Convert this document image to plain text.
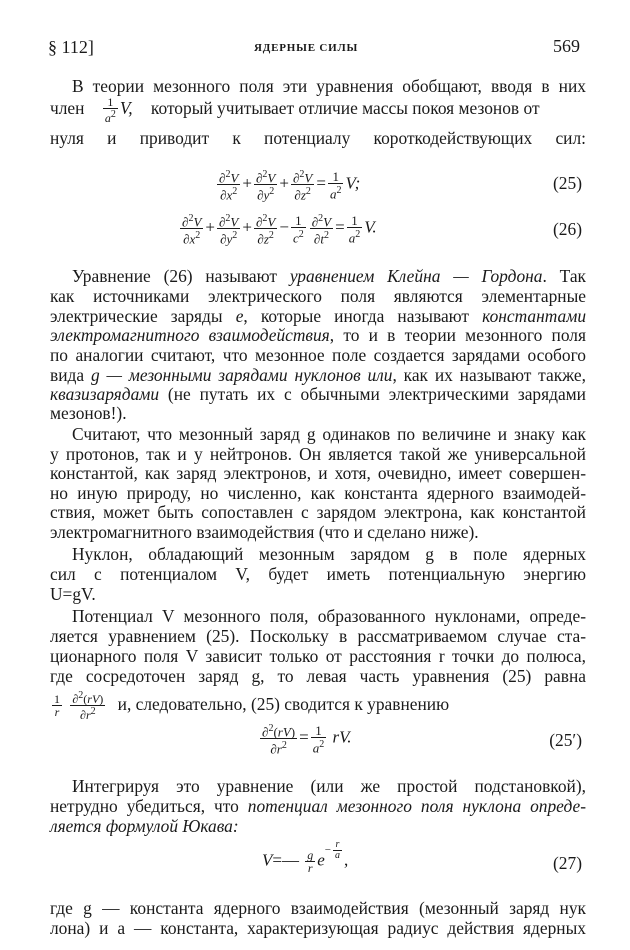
§ 112]	ЯДЕРНЫЕ СИЛЫ	569
В теории мезонного поля эти уравнения обобщают, вводя в них
член $\frac{1}{a^2} V$, который учитывает отличие массы покоя мезонов от
нуля и приводит к потенциалу короткодействующих сил:
$\frac{\partial^2V}{\partial x^2} + \frac{\partial^2V}{\partial y^2} + \frac{\partial^2V}{\partial z^2} = \frac{1}{a^2} V$;	(25)
$\frac{\partial^2V}{\partial x^2} + \frac{\partial^2V}{\partial y^2} + \frac{\partial^2V}{\partial z^2} - \frac{1}{c^2} \frac{\partial^2V}{\partial t^2} = \frac{1}{a^2} V$.	(26)
Уравнение (26) называют уравнением Клейна — Гордона. Так
как источниками электрического поля являются элементарные
электрические заряды e, которые иногда называют константами
электромагнитного взаимодействия, то и в теории мезонного поля
по аналогии считают, что мезонное поле создается зарядами особого
вида g — мезонными зарядами нуклонов или, как их называют также,
квазизарядами (не путать их с обычными электрическими зарядами
мезонов!).
Считают, что мезонный заряд g одинаков по величине и знаку как
у протонов, так и у нейтронов. Он является такой же универсальной
константой, как заряд электронов, и хотя, очевидно, имеет совершен-
но иную природу, но численно, как константа ядерного взаимодей-
ствия, может быть сопоставлен с зарядом электрона, как константой
электромагнитного взаимодействия (что и сделано ниже).
Нуклон, обладающий мезонным зарядом g в поле ядерных
сил с потенциалом V, будет иметь потенциальную энергию
U=gV.
Потенциал V мезонного поля, образованного нуклонами, опреде-
ляется уравнением (25). Поскольку в рассматриваемом случае ста-
ционарного поля V зависит только от расстояния r точки до полюса,
где сосредоточен заряд g, то левая часть уравнения (25) равна
$\frac{1}{r}$
$\frac{\partial^2(rV)}{\partial r^2} и$, следовательно, (25) сводится к уравнению
$\frac{\partial^2(rV)}{\partial r^2} = \frac{1}{a^2}$ rV.	(25′)
Интегрируя это уравнение (или же простой подстановкой),
нетрудно убедиться, что потенциал мезонного поля нуклона опреде-
ляется формулой Юкава:
V=— $\frac{g}{r} e^{- \frac{r}{a}}$ ,	(27)
где g — константа ядерного взаимодействия (мезонный заряд нук
лона) и a — константа, характеризующая радиус действия ядерных
